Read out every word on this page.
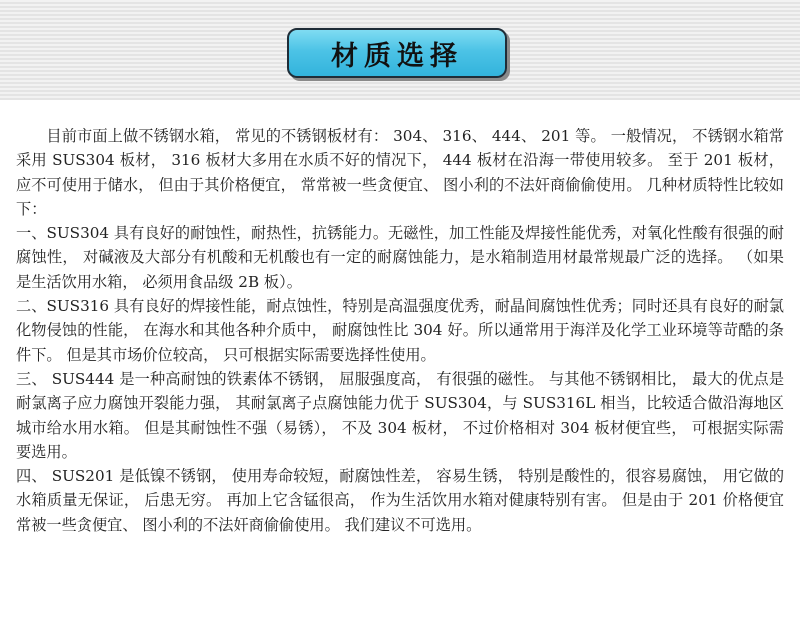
材质选择

目前市面上做不锈钢水箱， 常见的不锈钢板材有： 304、 316、 444、 201 等。 一般情况， 不锈钢水箱常采用 SUS304 板材， 316 板材大多用在水质不好的情况下， 444 板材在沿海一带使用较多。 至于 201 板材， 应不可使用于储水， 但由于其价格便宜， 常常被一些贪便宜、 图小利的不法奸商偷偷使用。 几种材质特性比较如下：

一、SUS304 具有良好的耐蚀性，耐热性，抗锈能力。无磁性，加工性能及焊接性能优秀，对氧化性酸有很强的耐腐蚀性， 对碱液及大部分有机酸和无机酸也有一定的耐腐蚀能力，是水箱制造用材最常规最广泛的选择。 （如果是生活饮用水箱， 必须用食品级 2B 板）。

二、SUS316 具有良好的焊接性能，耐点蚀性，特别是高温强度优秀，耐晶间腐蚀性优秀；同时还具有良好的耐氯化物侵蚀的性能， 在海水和其他各种介质中， 耐腐蚀性比 304 好。所以通常用于海洋及化学工业环境等苛酷的条件下。 但是其市场价位较高， 只可根据实际需要选择性使用。

三、 SUS444 是一种高耐蚀的铁素体不锈钢， 屈服强度高， 有很强的磁性。 与其他不锈钢相比， 最大的优点是耐氯离子应力腐蚀开裂能力强， 其耐氯离子点腐蚀能力优于 SUS304，与 SUS316L 相当，比较适合做沿海地区城市给水用水箱。 但是其耐蚀性不强（易锈）， 不及 304 板材， 不过价格相对 304 板材便宜些， 可根据实际需要选用。

四、 SUS201 是低镍不锈钢， 使用寿命较短，耐腐蚀性差， 容易生锈， 特别是酸性的，很容易腐蚀， 用它做的水箱质量无保证， 后患无穷。 再加上它含锰很高， 作为生活饮用水箱对健康特别有害。 但是由于 201 价格便宜常被一些贪便宜、 图小利的不法奸商偷偷使用。 我们建议不可选用。
